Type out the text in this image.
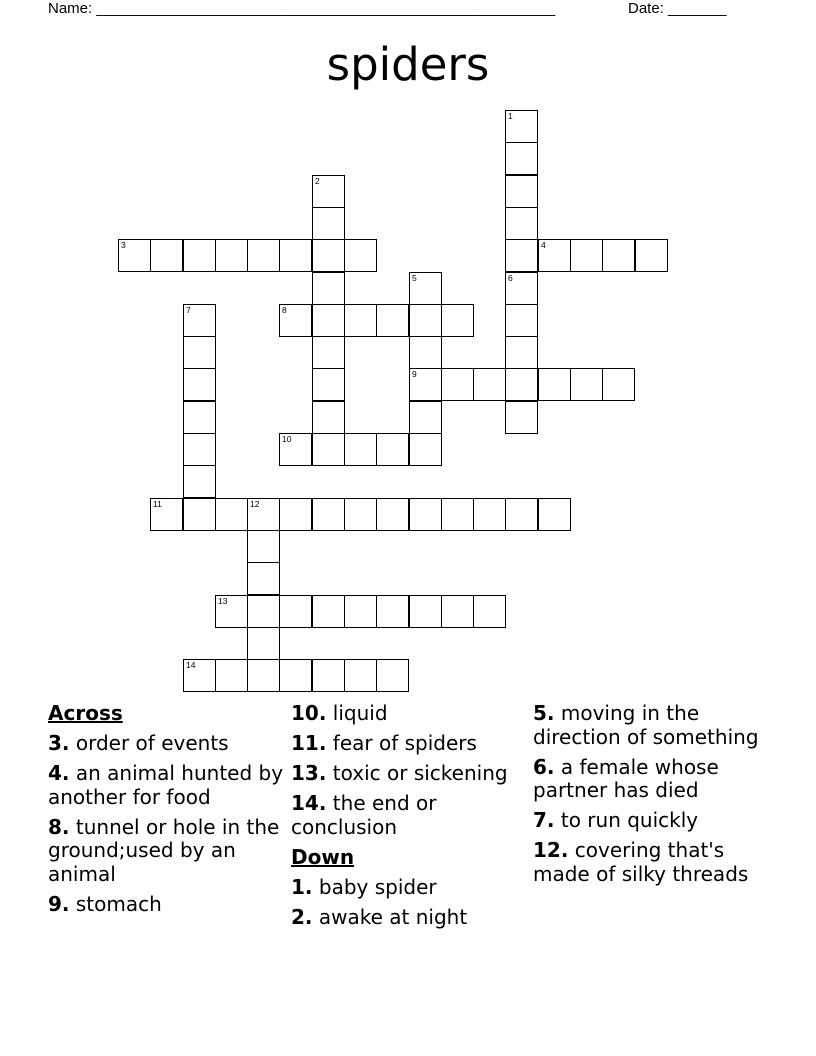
Name: _______________________________________________________	Date: _______
spiders
1
6
2
3	4
5
9
7	8
10
11	12
13
14
Across
3. order of events
4. an animal hunted by another for food
8. tunnel or hole in the ground;used by an animal
9. stomach
10. liquid
11. fear of spiders
13. toxic or sickening
14. the end or conclusion
Down
1. baby spider
2. awake at night
5. moving in the direction of something
6. a female whose partner has died
7. to run quickly
12. covering that's made of silky threads
